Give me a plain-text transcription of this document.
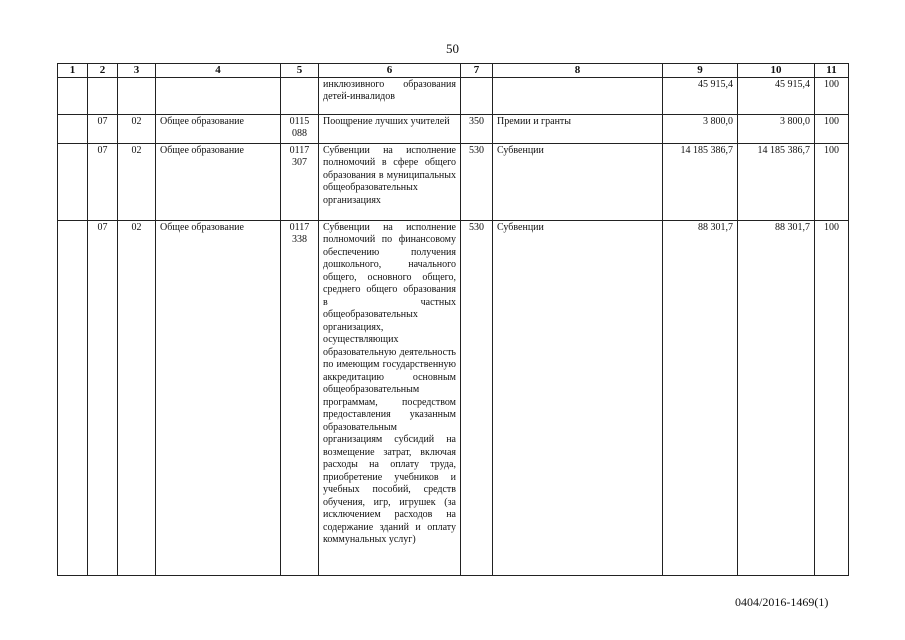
50
1	2	3	4	5	6	7	8	9	10	11
					инклюзивного образования детей-инвалидов			45 915,4	45 915,4	100
	07	02	Общее образование	0115 088	Поощрение лучших учителей	350	Премии и гранты	3 800,0	3 800,0	100
	07	02	Общее образование	0117 307	Субвенции на исполнение полномочий в сфере общего образования в муниципальных общеобразовательных организациях	530	Субвенции	14 185 386,7	14 185 386,7	100
	07	02	Общее образование	0117 338	Субвенции на исполнение полномочий по финансовому обеспечению получения дошкольного, начального общего, основного общего, среднего общего образования в частных общеобразовательных организациях, осуществляющих образовательную деятельность по имеющим государственную аккредитацию основным общеобразовательным программам, посредством предоставления указанным образовательным организациям субсидий на возмещение затрат, включая расходы на оплату труда, приобретение учебников и учебных пособий, средств обучения, игр, игрушек (за исключением расходов на содержание зданий и оплату коммунальных услуг)	530	Субвенции	88 301,7	88 301,7	100
0404/2016-1469(1)
